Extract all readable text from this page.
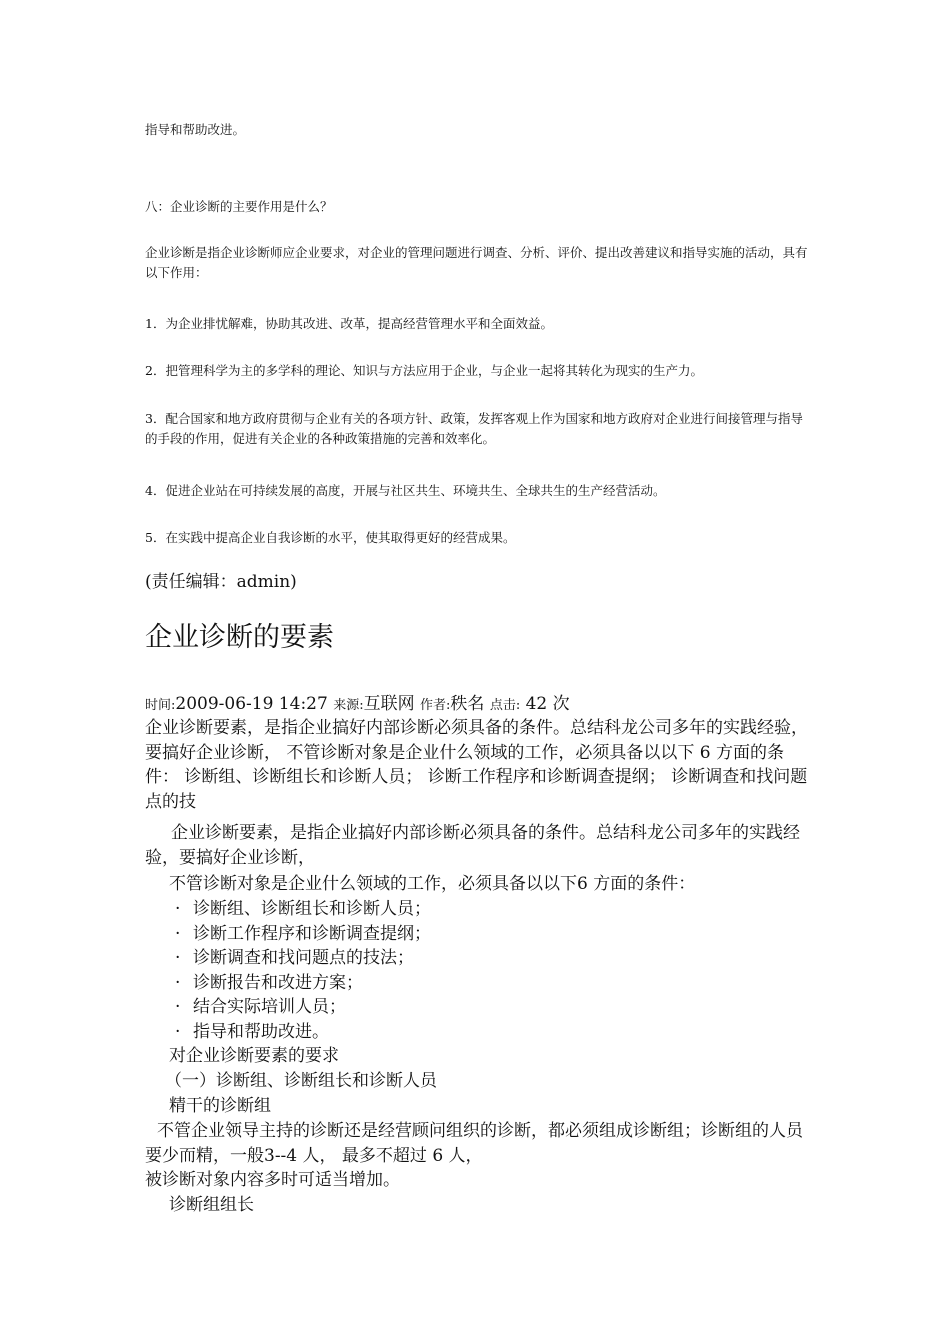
指导和帮助改进。

八：企业诊断的主要作用是什么？

企业诊断是指企业诊断师应企业要求，对企业的管理问题进行调查、分析、评价、提出改善建议和指导实施的活动，具有以下作用：

1．为企业排忧解难，协助其改进、改革，提高经营管理水平和全面效益。

2．把管理科学为主的多学科的理论、知识与方法应用于企业，与企业一起将其转化为现实的生产力。

3．配合国家和地方政府贯彻与企业有关的各项方针、政策，发挥客观上作为国家和地方政府对企业进行间接管理与指导的手段的作用，促进有关企业的各种政策措施的完善和效率化。

4．促进企业站在可持续发展的高度，开展与社区共生、环境共生、全球共生的生产经营活动。

5．在实践中提高企业自我诊断的水平，使其取得更好的经营成果。

(责任编辑：admin)

企业诊断的要素
时间:2009-06-19 14:27 来源:互联网 作者:秩名 点击: 42 次

企业诊断要素，是指企业搞好内部诊断必须具备的条件。总结科龙公司多年的实践经验，要搞好企业诊断， 不管诊断对象是企业什么领域的工作，必须具备以以下 6 方面的条件： 诊断组、诊断组长和诊断人员； 诊断工作程序和诊断调查提纲； 诊断调查和找问题点的技

企业诊断要素，是指企业搞好内部诊断必须具备的条件。总结科龙公司多年的实践经验，要搞好企业诊断，

不管诊断对象是企业什么领域的工作，必须具备以以下6 方面的条件：

· 诊断组、诊断组长和诊断人员；
· 诊断工作程序和诊断调查提纲；
· 诊断调查和找问题点的技法；
· 诊断报告和改进方案；
· 结合实际培训人员；
· 指导和帮助改进。

对企业诊断要素的要求

（一）诊断组、诊断组长和诊断人员

精干的诊断组

不管企业领导主持的诊断还是经营顾问组织的诊断，都必须组成诊断组；诊断组的人员要少而精，一般3--4 人， 最多不超过 6 人，

被诊断对象内容多时可适当增加。

诊断组组长
